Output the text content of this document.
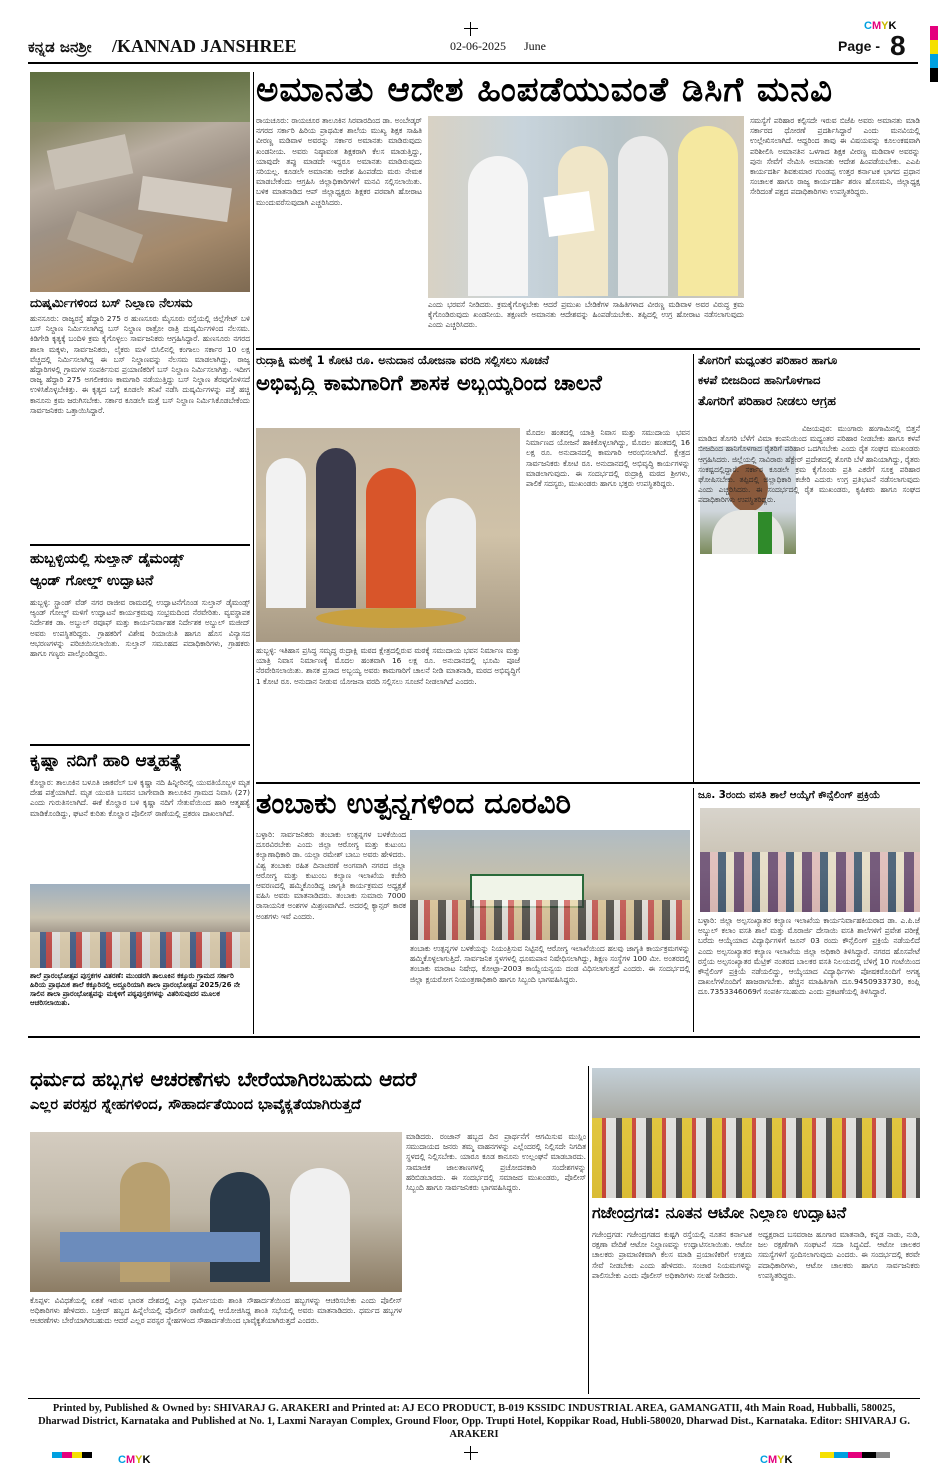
CMYK
ಕನ್ನಡ ಜನಶ್ರೀ /KANNAD JANSHREE	02-06-2025 June	Page - 8
ದುಷ್ಕರ್ಮಿಗಳಿಂದ ಬಸ್ ನಿಲ್ದಾಣ ನೆಲಸಮ
ಹುನಸೂರು: ರಾಜ್ಯರಸ್ತೆ ಹೆದ್ದಾರಿ 275 ರ ಹುಣಸೂರು ಮೈಸೂರು ರಸ್ತೆಯಲ್ಲಿ ಜಿಲ್ಲೆಗೇಟ್ ಬಳಿ ಬಸ್ ನಿಲ್ದಾಣ ನಿರ್ಮಿಸಲಾಗಿದ್ದ ಬಸ್ ನಿಲ್ದಾಣ ರಾತ್ರೋ ರಾತ್ರಿ ದುಷ್ಕರ್ಮಿಗಳಿಂದ ನೆಲಸಮ. ಕಿಡಿಗೇಡಿ ಕೃತ್ಯಕ್ಕೆ ಬಂದಿಳಿ ಕ್ರಮ ಕೈಗೊಳ್ಳಲು ಸಾರ್ವಜನಿಕರು ಆಗ್ರಹಿಸಿದ್ದಾರೆ. ಹುಣಸೂರು ನಗರದ ಶಾಲಾ ಮಕ್ಕಳು, ಸಾರ್ವಜನಿಕರು, ಲೈಕರು ಮಳೆ ಬಿಸಿಲಿನಲ್ಲಿ ಕಂಗಾಲು ಸರ್ಕಾರ 10 ಲಕ್ಷ ವೆಚ್ಚದಲ್ಲಿ ನಿರ್ಮಿಸಲಾಗಿದ್ದ ಈ ಬಸ್ ನಿಲ್ದಾಣವನ್ನು ನೆಲಸಮ ಮಾಡಲಾಗಿದ್ದು, ರಾಜ್ಯ ಹೆದ್ದಾರಿಗಳಲ್ಲಿ ಗ್ರಾಮಗಳ ಸಂಪರ್ಕಿಸುವ ಪ್ರಯಾಣಿಕರಿಗೆ ಬಸ್ ನಿಲ್ದಾಣ ನಿರ್ಮಿಸಲಾಗಿತ್ತು. ಇದೀಗ ರಾಜ್ಯ ಹೆದ್ದಾರಿ 275 ಅಗಲೀಕರಣ ಕಾಮಗಾರಿ ನಡೆಯುತ್ತಿದ್ದು ಬಸ್ ನಿಲ್ದಾಣ ತೆರವುಗೊಳಿಸದೆ ಉಳಿಸಿಕೊಳ್ಳಬೇಕಿತ್ತು. ಈ ಕೃತ್ಯದ ಬಗ್ಗೆ ಕೂಡಲೇ ತನಿಖೆ ನಡೆಸಿ ದುಷ್ಕರ್ಮಿಗಳನ್ನು ಪತ್ತೆ ಹಚ್ಚಿ ಕಾನೂನು ಕ್ರಮ ಜರುಗಿಸಬೇಕು. ಸರ್ಕಾರ ಕೂಡಲೇ ಮತ್ತೆ ಬಸ್ ನಿಲ್ದಾಣ ನಿರ್ಮಿಸಿಕೊಡಬೇಕೆಂದು ಸಾರ್ವಜನಿಕರು ಒತ್ತಾಯಿಸಿದ್ದಾರೆ.
ಹುಬ್ಬಳ್ಳಿಯಲ್ಲಿ ಸುಲ್ತಾನ್ ಡೈಮಂಡ್ಸ್
ಆ್ಯಂಡ್ ಗೋಲ್ಡ್ ಉದ್ಘಾಟನೆ
ಹುಬ್ಬಳ್ಳಿ: ಸ್ಟ್ರಾಂಡ್ ವೆಡ್ ನಗರ ರಾಜೀವ ರಾಮದಲ್ಲಿ ಉದ್ಘಾಟನೆಗೊಂಡ ಸುಲ್ತಾನ್ ಡೈಮಂಡ್ಸ್ ಆ್ಯಂಡ್ ಗೋಲ್ಡ್ ಮಳಿಗೆ ಉದ್ಘಾಟನೆ ಕಾರ್ಯಕ್ರಮವು ಸಂಭ್ರಮದಿಂದ ನೆರವೇರಿತು. ವ್ಯವಸ್ಥಾಪಕ ನಿರ್ದೇಶಕ ಡಾ. ಅಬ್ದುಲ್ ರವೂಫ್ ಮತ್ತು ಕಾರ್ಯನಿರ್ವಾಹಕ ನಿರ್ದೇಶಕ ಅಬ್ದುಲ್ ಮಜೀದ್ ಅವರು ಉಪಸ್ಥಿತರಿದ್ದರು. ಗ್ರಾಹಕರಿಗೆ ವಿಶೇಷ ರಿಯಾಯಿತಿ ಹಾಗೂ ಹೊಸ ವಿನ್ಯಾಸದ ಆಭರಣಗಳನ್ನು ಪರಿಚಯಿಸಲಾಯಿತು. ಸುಲ್ತಾನ್ ಸಮೂಹದ ಪದಾಧಿಕಾರಿಗಳು, ಗ್ರಾಹಕರು ಹಾಗೂ ಗಣ್ಯರು ಪಾಲ್ಗೊಂಡಿದ್ದರು.
ಕೃಷ್ಣಾ ನದಿಗೆ ಹಾರಿ ಆತ್ಮಹತ್ಯೆ
ಕೊಲ್ಹಾರ: ತಾಲೂಕಿನ ಬಳೂತಿ ಜಾಕವೆಲ್ ಬಳಿ ಕೃಷ್ಣಾ ನದಿ ಹಿನ್ನೀರಿನಲ್ಲಿ ಯುವತಿಯೊಬ್ಬಳ ಮೃತ ದೇಹ ಪತ್ತೆಯಾಗಿದೆ. ಮೃತ ಯುವತಿ ಬಸವನ ಬಾಗೇವಾಡಿ ತಾಲೂಕಿನ ಗ್ರಾಮದ ನಿವಾಸಿ (27) ಎಂದು ಗುರುತಿಸಲಾಗಿದೆ. ಈಕೆ ಕೊಲ್ಹಾರ ಬಳಿ ಕೃಷ್ಣಾ ನದಿಗೆ ಸೇತುವೆಯಿಂದ ಹಾರಿ ಆತ್ಮಹತ್ಯೆ ಮಾಡಿಕೊಂಡಿದ್ದು, ಘಟನೆ ಕುರಿತು ಕೊಲ್ಹಾರ ಪೊಲೀಸ್ ಠಾಣೆಯಲ್ಲಿ ಪ್ರಕರಣ ದಾಖಲಾಗಿದೆ.
ಶಾಲೆ ಪ್ರಾರಂಭೋತ್ಸವ ಪುಸ್ತಕಗಳ ವಿತರಣೆ: ಮುಂಡರಗಿ ತಾಲೂಕಿನ ಕಕ್ಕೂರು ಗ್ರಾಮದ ಸರ್ಕಾರಿ ಹಿರಿಯ ಪ್ರಾಥಮಿಕ ಶಾಲೆ ಕಕ್ಕೂರಿನಲ್ಲಿ ಅದ್ದೂರಿಯಾಗಿ ಶಾಲಾ ಪ್ರಾರಂಭೋತ್ಸವ 2025/26 ನೇ ಸಾಲಿನ ಶಾಲಾ ಪ್ರಾರಂಭೋತ್ಸವನ್ನು ಮಕ್ಕಳಿಗೆ ಪಠ್ಯಪುಸ್ತಕಗಳನ್ನು ವಿತರಿಸುವುದರ ಮೂಲಕ ಆಚರಿಸಲಾಯಿತು.
ಅಮಾನತು ಆದೇಶ ಹಿಂಪಡೆಯುವಂತೆ ಡಿಸಿಗೆ ಮನವಿ
ರಾಯಚೂರು: ರಾಯಚೂರ ತಾಲೂಕಿನ ಸಿರವಾರದಿಂದ ಡಾ. ಅಂಬೇಡ್ಕರ್ ನಗರದ ಸರ್ಕಾರಿ ಹಿರಿಯ ಪ್ರಾಥಮಿಕ ಶಾಲೆಯ ಮುಖ್ಯ ಶಿಕ್ಷಕ ಸಾಹಿತಿ ವೀರಣ್ಣ ಮಡಿವಾಳ ಅವರನ್ನು ಸರ್ಕಾರ ಅಮಾನತು ಮಾಡಿರುವುದು ಖಂಡನೀಯ. ಅವರು ನಿಷ್ಠಾವಂತ ಶಿಕ್ಷಕರಾಗಿ ಕೆಲಸ ಮಾಡುತ್ತಿದ್ದು, ಯಾವುದೇ ತಪ್ಪು ಮಾಡದೇ ಇದ್ದರೂ ಅಮಾನತು ಮಾಡಿರುವುದು ಸರಿಯಲ್ಲ. ಕೂಡಲೇ ಅಮಾನತು ಆದೇಶ ಹಿಂಪಡೆದು ಮರು ನೇಮಕ ಮಾಡಬೇಕೆಂದು ಆಗ್ರಹಿಸಿ ಜಿಲ್ಲಾಧಿಕಾರಿಗಳಿಗೆ ಮನವಿ ಸಲ್ಲಿಸಲಾಯಿತು. ಬಳಿಕ ಮಾತನಾಡಿದ ಆಪ್ ಜಿಲ್ಲಾಧ್ಯಕ್ಷರು ಶಿಕ್ಷಕರ ಪರವಾಗಿ ಹೋರಾಟ ಮುಂದುವರೆಸುವುದಾಗಿ ಎಚ್ಚರಿಸಿದರು.
ಎಂದು ಭರವಸೆ ನೀಡಿದರು. ಕ್ರಮಕೈಗೊಳ್ಳಬೇಕು ಆದರೆ ಪ್ರಮುಖ ಬೇಡಿಕೆಗಳ ಸಾಹಿತಿಗಳಾದ ವೀರಣ್ಣ ಮಡಿವಾಳ ಅವರ ವಿರುದ್ಧ ಕ್ರಮ ಕೈಗೊಂಡಿರುವುದು ಖಂಡನೀಯ. ತಕ್ಷಣವೇ ಅಮಾನತು ಆದೇಶವನ್ನು ಹಿಂಪಡೆಯಬೇಕು. ತಪ್ಪಿದಲ್ಲಿ ಉಗ್ರ ಹೋರಾಟ ನಡೆಸಲಾಗುವುದು ಎಂದು ಎಚ್ಚರಿಸಿದರು.
ಸಮಸ್ಯೆಗೆ ಪರಿಹಾರ ಕಲ್ಪಿಸದೇ ಇರುವ ಬಿಜೆಪಿ ಅವರು ಅಮಾನತು ಮಾಡಿ ಸರ್ಕಾರದ ಧೋರಣೆ ಪ್ರದರ್ಶಿಸಿದ್ದಾರೆ ಎಂದು ಮನವಿಯಲ್ಲಿ ಉಲ್ಲೇಖಿಸಲಾಗಿದೆ. ಆದ್ದರಿಂದ ತಾವು ಈ ವಿಷಯವನ್ನು ಕೂಲಂಕಷವಾಗಿ ಪರಿಶೀಲಿಸಿ ಅಮಾನತಿನ ಒಳಗಾದ ಶಿಕ್ಷಕ ವೀರಣ್ಣ ಮಡಿವಾಳ ಅವರನ್ನು ಪುನಃ ಸೇವೆಗೆ ನೇಮಿಸಿ ಅಮಾನತು ಆದೇಶ ಹಿಂಪಡೆಯಬೇಕು. ಎಎಪಿ ಕಾರ್ಯದರ್ಶಿ ಶಿವಕುಮಾರ ಗುಂಡಪ್ಪ ಉತ್ತರ ಕರ್ನಾಟಕ ಭಾಗದ ಪ್ರಧಾನ ಸಂಚಾಲಕ ಹಾಗೂ ರಾಜ್ಯ ಕಾರ್ಯದರ್ಶಿ ಶರಣ ಹೊಸಮನಿ, ಜಿಲ್ಲಾಧ್ಯಕ್ಷ ಸೇರಿದಂತೆ ಪಕ್ಷದ ಪದಾಧಿಕಾರಿಗಳು ಉಪಸ್ಥಿತರಿದ್ದರು.
ರುದ್ರಾಕ್ಷಿ ಮಠಕ್ಕೆ 1 ಕೋಟಿ ರೂ. ಅನುದಾನ ಯೋಜನಾ ವರದಿ ಸಲ್ಲಿಸಲು ಸೂಚನೆ
ಅಭಿವೃದ್ಧಿ ಕಾಮಗಾರಿಗೆ ಶಾಸಕ ಅಬ್ಬಯ್ಯರಿಂದ ಚಾಲನೆ
ಹುಬ್ಬಳ್ಳಿ: ಇತಿಹಾಸ ಪ್ರಸಿದ್ಧ ಸಮೃದ್ಧ ರುದ್ರಾಕ್ಷಿ ಮಠದ ಕ್ಷೇತ್ರದಲ್ಲಿರುವ ಮಠಕ್ಕೆ ಸಮುದಾಯ ಭವನ ನಿರ್ಮಾಣ ಮತ್ತು ಯಾತ್ರಿ ನಿವಾಸ ನಿರ್ಮಾಣಕ್ಕೆ ಮೊದಲ ಹಂತವಾಗಿ 16 ಲಕ್ಷ ರೂ. ಅನುದಾನದಲ್ಲಿ ಭೂಮಿ ಪೂಜೆ ನೆರವೇರಿಸಲಾಯಿತು. ಶಾಸಕ ಪ್ರಸಾದ ಅಬ್ಬಯ್ಯ ಅವರು ಕಾಮಗಾರಿಗೆ ಚಾಲನೆ ನೀಡಿ ಮಾತನಾಡಿ, ಮಠದ ಅಭಿವೃದ್ಧಿಗೆ 1 ಕೋಟಿ ರೂ. ಅನುದಾನ ನೀಡುವ ಯೋಜನಾ ವರದಿ ಸಲ್ಲಿಸಲು ಸೂಚನೆ ನೀಡಲಾಗಿದೆ ಎಂದರು.
ಮೊದಲ ಹಂತದಲ್ಲಿ ಯಾತ್ರಿ ನಿವಾಸ ಮತ್ತು ಸಮುದಾಯ ಭವನ ನಿರ್ಮಾಣದ ಯೋಜನೆ ಹಾಕಿಕೊಳ್ಳಲಾಗಿದ್ದು, ಮೊದಲ ಹಂತದಲ್ಲಿ 16 ಲಕ್ಷ ರೂ. ಅನುದಾನದಲ್ಲಿ ಕಾಮಗಾರಿ ಆರಂಭಿಸಲಾಗಿದೆ. ಕ್ಷೇತ್ರದ ಸಾರ್ವಜನಿಕರು ಕೋಟಿ ರೂ. ಅನುದಾನದಲ್ಲಿ ಅಭಿವೃದ್ಧಿ ಕಾರ್ಯಗಳನ್ನು ಮಾಡಲಾಗುವುದು. ಈ ಸಂದರ್ಭದಲ್ಲಿ ರುದ್ರಾಕ್ಷಿ ಮಠದ ಶ್ರೀಗಳು, ಪಾಲಿಕೆ ಸದಸ್ಯರು, ಮುಖಂಡರು ಹಾಗೂ ಭಕ್ತರು ಉಪಸ್ಥಿತರಿದ್ದರು.
ತೊಗರಿಗೆ ಮಧ್ಯಂತರ ಪರಿಹಾರ ಹಾಗೂ
ಕಳಪೆ ಬೀಜದಿಂದ ಹಾನಿಗೊಳಗಾದ
ತೊಗರಿಗೆ ಪರಿಹಾರ ನೀಡಲು ಆಗ್ರಹ
ವಿಜಯಪುರ: ಮುಂಗಾರು ಹಂಗಾಮಿನಲ್ಲಿ ಬಿತ್ತನೆ ಮಾಡಿದ ತೊಗರಿ ಬೆಳೆಗೆ ವಿಮಾ ಕಂಪನಿಯಿಂದ ಮಧ್ಯಂತರ ಪರಿಹಾರ ನೀಡಬೇಕು ಹಾಗೂ ಕಳಪೆ ಬೀಜದಿಂದ ಹಾನಿಗೊಳಗಾದ ರೈತರಿಗೆ ಪರಿಹಾರ ಒದಗಿಸಬೇಕು ಎಂದು ರೈತ ಸಂಘದ ಮುಖಂಡರು ಆಗ್ರಹಿಸಿದರು. ಜಿಲ್ಲೆಯಲ್ಲಿ ಸಾವಿರಾರು ಹೆಕ್ಟೇರ್ ಪ್ರದೇಶದಲ್ಲಿ ತೊಗರಿ ಬೆಳೆ ಹಾನಿಯಾಗಿದ್ದು, ರೈತರು ಸಂಕಷ್ಟದಲ್ಲಿದ್ದಾರೆ. ಸರ್ಕಾರ ಕೂಡಲೇ ಕ್ರಮ ಕೈಗೊಂಡು ಪ್ರತಿ ಎಕರೆಗೆ ಸೂಕ್ತ ಪರಿಹಾರ ಘೋಷಿಸಬೇಕು. ತಪ್ಪಿದಲ್ಲಿ ಜಿಲ್ಲಾಧಿಕಾರಿ ಕಚೇರಿ ಎದುರು ಉಗ್ರ ಪ್ರತಿಭಟನೆ ನಡೆಸಲಾಗುವುದು ಎಂದು ಎಚ್ಚರಿಸಿದರು. ಈ ಸಂದರ್ಭದಲ್ಲಿ ರೈತ ಮುಖಂಡರು, ಕೃಷಿಕರು ಹಾಗೂ ಸಂಘದ ಪದಾಧಿಕಾರಿಗಳು ಉಪಸ್ಥಿತರಿದ್ದರು.
ತಂಬಾಕು ಉತ್ಪನ್ನಗಳಿಂದ ದೂರವಿರಿ
ಬಳ್ಳಾರಿ: ಸಾರ್ವಜನಿಕರು ತಂಬಾಕು ಉತ್ಪನ್ನಗಳ ಬಳಕೆಯಿಂದ ದೂರವಿರಬೇಕು ಎಂದು ಜಿಲ್ಲಾ ಆರೋಗ್ಯ ಮತ್ತು ಕುಟುಂಬ ಕಲ್ಯಾಣಾಧಿಕಾರಿ ಡಾ. ಯಲ್ಲಾ ರಮೇಶ್ ಬಾಬು ಅವರು ಹೇಳಿದರು. ವಿಶ್ವ ತಂಬಾಕು ರಹಿತ ದಿನಾಚರಣೆ ಅಂಗವಾಗಿ ನಗರದ ಜಿಲ್ಲಾ ಆರೋಗ್ಯ ಮತ್ತು ಕುಟುಂಬ ಕಲ್ಯಾಣ ಇಲಾಖೆಯ ಕಚೇರಿ ಆವರಣದಲ್ಲಿ ಹಮ್ಮಿಕೊಂಡಿದ್ದ ಜಾಗೃತಿ ಕಾರ್ಯಕ್ರಮದ ಅಧ್ಯಕ್ಷತೆ ವಹಿಸಿ ಅವರು ಮಾತನಾಡಿದರು. ತಂಬಾಕು ಸುಮಾರು 7000 ರಾಸಾಯನಿಕ ಅಂಶಗಳ ಮಿಶ್ರಣವಾಗಿದೆ. ಅದರಲ್ಲಿ ಕ್ಯಾನ್ಸರ್ ಕಾರಕ ಅಂಶಗಳು ಇವೆ ಎಂದರು.
ತಂಬಾಕು ಉತ್ಪನ್ನಗಳ ಬಳಕೆಯನ್ನು ನಿಯಂತ್ರಿಸುವ ನಿಟ್ಟಿನಲ್ಲಿ ಆರೋಗ್ಯ ಇಲಾಖೆಯಿಂದ ಹಲವು ಜಾಗೃತಿ ಕಾರ್ಯಕ್ರಮಗಳನ್ನು ಹಮ್ಮಿಕೊಳ್ಳಲಾಗುತ್ತಿದೆ. ಸಾರ್ವಜನಿಕ ಸ್ಥಳಗಳಲ್ಲಿ ಧೂಮಪಾನ ನಿಷೇಧಿಸಲಾಗಿದ್ದು, ಶಿಕ್ಷಣ ಸಂಸ್ಥೆಗಳ 100 ಮೀ. ಅಂತರದಲ್ಲಿ ತಂಬಾಕು ಮಾರಾಟ ನಿಷೇಧ, ಕೋಟ್ಪಾ-2003 ಕಾಯ್ದೆಯನ್ವಯ ದಂಡ ವಿಧಿಸಲಾಗುತ್ತದೆ ಎಂದರು. ಈ ಸಂದರ್ಭದಲ್ಲಿ ಜಿಲ್ಲಾ ಕ್ಷಯರೋಗ ನಿಯಂತ್ರಣಾಧಿಕಾರಿ ಹಾಗೂ ಸಿಬ್ಬಂದಿ ಭಾಗವಹಿಸಿದ್ದರು.
ಜೂ. 3ರಂದು ವಸತಿ ಶಾಲೆ ಆಯ್ಕೆಗೆ ಕೌನ್ಸೆಲಿಂಗ್ ಪ್ರಕ್ರಿಯೆ
ಬಳ್ಳಾರಿ: ಜಿಲ್ಲಾ ಅಲ್ಪಸಂಖ್ಯಾತರ ಕಲ್ಯಾಣ ಇಲಾಖೆಯ ಕಾರ್ಯನಿರ್ವಾಹಕಿಯರಾದ ಡಾ. ಎ.ಪಿ.ಜೆ ಅಬ್ದುಲ್ ಕಲಾಂ ವಸತಿ ಶಾಲೆ ಮತ್ತು ಮೊರಾರ್ಜಿ ದೇಸಾಯಿ ವಸತಿ ಶಾಲೆಗಳಿಗೆ ಪ್ರವೇಶ ಪರೀಕ್ಷೆ ಬರೆದು ಆಯ್ಕೆಯಾದ ವಿದ್ಯಾರ್ಥಿಗಳಿಗೆ ಜೂನ್ 03 ರಂದು ಕೌನ್ಸೆಲಿಂಗ್ ಪ್ರಕ್ರಿಯೆ ನಡೆಯಲಿದೆ ಎಂದು ಅಲ್ಪಸಂಖ್ಯಾತರ ಕಲ್ಯಾಣ ಇಲಾಖೆಯ ಜಿಲ್ಲಾ ಅಧಿಕಾರಿ ತಿಳಿಸಿದ್ದಾರೆ. ನಗರದ ಹೊಸಪೇಟೆ ರಸ್ತೆಯ ಅಲ್ಪಸಂಖ್ಯಾತರ ಮೆಟ್ರಿಕ್ ನಂತರದ ಬಾಲಕರ ವಸತಿ ನಿಲಯದಲ್ಲಿ ಬೆಳಿಗ್ಗೆ 10 ಗಂಟೆಯಿಂದ ಕೌನ್ಸೆಲಿಂಗ್ ಪ್ರಕ್ರಿಯೆ ನಡೆಯಲಿದ್ದು, ಆಯ್ಕೆಯಾದ ವಿದ್ಯಾರ್ಥಿಗಳು ಪೋಷಕರೊಂದಿಗೆ ಅಗತ್ಯ ದಾಖಲೆಗಳೊಂದಿಗೆ ಹಾಜರಾಗಬೇಕು. ಹೆಚ್ಚಿನ ಮಾಹಿತಿಗಾಗಿ ದೂ.9450933730, ಕಂಪ್ಲಿ ದೂ.7353346069ಗೆ ಸಂಪರ್ಕಿಸಬಹುದು ಎಂದು ಪ್ರಕಟಣೆಯಲ್ಲಿ ತಿಳಿಸಿದ್ದಾರೆ.
ಧರ್ಮದ ಹಬ್ಬಗಳ ಆಚರಣೆಗಳು ಬೇರೆಯಾಗಿರಬಹುದು ಆದರೆ
ಎಲ್ಲರ ಪರಸ್ಪರ ಸ್ನೇಹಗಳಿಂದ, ಸೌಹಾರ್ದತೆಯಿಂದ ಭಾವೈಕ್ಯತೆಯಾಗಿರುತ್ತದೆ
ಕೊಪ್ಪಳ: ವಿವಿಧತೆಯಲ್ಲಿ ಏಕತೆ ಇರುವ ಭಾರತ ದೇಶದಲ್ಲಿ ಎಲ್ಲಾ ಧರ್ಮೀಯರು ಶಾಂತಿ ಸೌಹಾರ್ದತೆಯಿಂದ ಹಬ್ಬಗಳನ್ನು ಆಚರಿಸಬೇಕು ಎಂದು ಪೊಲೀಸ್ ಅಧಿಕಾರಿಗಳು ಹೇಳಿದರು. ಬಕ್ರೀದ್ ಹಬ್ಬದ ಹಿನ್ನೆಲೆಯಲ್ಲಿ ಪೊಲೀಸ್ ಠಾಣೆಯಲ್ಲಿ ಆಯೋಜಿಸಿದ್ದ ಶಾಂತಿ ಸಭೆಯಲ್ಲಿ ಅವರು ಮಾತನಾಡಿದರು. ಧರ್ಮದ ಹಬ್ಬಗಳ ಆಚರಣೆಗಳು ಬೇರೆಯಾಗಿರಬಹುದು ಆದರೆ ಎಲ್ಲರ ಪರಸ್ಪರ ಸ್ನೇಹಗಳಿಂದ ಸೌಹಾರ್ದತೆಯಿಂದ ಭಾವೈಕ್ಯತೆಯಾಗಿರುತ್ತದೆ ಎಂದರು.
ಮಾಡಿದರು. ರಂಜಾನ್ ಹಬ್ಬದ ದಿನ ಪ್ರಾರ್ಥನೆಗೆ ಆಗಮಿಸುವ ಮುಸ್ಲಿಂ ಸಮುದಾಯದ ಜನರು ತಮ್ಮ ವಾಹನಗಳನ್ನು ಎಲ್ಲೆಂದರಲ್ಲಿ ನಿಲ್ಲಿಸದೇ ನಿಗದಿತ ಸ್ಥಳದಲ್ಲಿ ನಿಲ್ಲಿಸಬೇಕು. ಯಾರೂ ಕೂಡ ಕಾನೂನು ಉಲ್ಲಂಘನೆ ಮಾಡಬಾರದು. ಸಾಮಾಜಿಕ ಜಾಲತಾಣಗಳಲ್ಲಿ ಪ್ರಚೋದನಕಾರಿ ಸಂದೇಶಗಳನ್ನು ಹರಿಬಿಡಬಾರದು. ಈ ಸಂದರ್ಭದಲ್ಲಿ ಸಮಾಜದ ಮುಖಂಡರು, ಪೊಲೀಸ್ ಸಿಬ್ಬಂದಿ ಹಾಗೂ ಸಾರ್ವಜನಿಕರು ಭಾಗವಹಿಸಿದ್ದರು.
ಗಜೇಂದ್ರಗಡ: ನೂತನ ಆಟೋ ನಿಲ್ದಾಣ ಉದ್ಘಾಟನೆ
ಗಜೇಂದ್ರಗಡ: ಗಜೇಂದ್ರಗಡದ ಕುಷ್ಟಗಿ ರಸ್ತೆಯಲ್ಲಿ ನೂತನ ಕರ್ನಾಟಕ ರಕ್ಷಣಾ ವೇದಿಕೆ ಆಟೋ ನಿಲ್ದಾಣವನ್ನು ಉದ್ಘಾಟಿಸಲಾಯಿತು. ಆಟೋ ಚಾಲಕರು ಪ್ರಾಮಾಣಿಕವಾಗಿ ಕೆಲಸ ಮಾಡಿ ಪ್ರಯಾಣಿಕರಿಗೆ ಉತ್ತಮ ಸೇವೆ ನೀಡಬೇಕು ಎಂದು ಹೇಳಿದರು. ಸಂಚಾರ ನಿಯಮಗಳನ್ನು ಪಾಲಿಸಬೇಕು ಎಂದು ಪೊಲೀಸ್ ಅಧಿಕಾರಿಗಳು ಸಲಹೆ ನೀಡಿದರು.
ಅಧ್ಯಕ್ಷರಾದ ಬಸವರಾಜ ಹೂಗಾರ ಮಾತನಾಡಿ, ಕನ್ನಡ ನಾಡು, ನುಡಿ, ಜಲ ರಕ್ಷಣೆಗಾಗಿ ಸಂಘಟನೆ ಸದಾ ಸಿದ್ಧವಿದೆ. ಆಟೋ ಚಾಲಕರ ಸಮಸ್ಯೆಗಳಿಗೆ ಸ್ಪಂದಿಸಲಾಗುವುದು ಎಂದರು. ಈ ಸಂದರ್ಭದಲ್ಲಿ ಕರವೇ ಪದಾಧಿಕಾರಿಗಳು, ಆಟೋ ಚಾಲಕರು ಹಾಗೂ ಸಾರ್ವಜನಿಕರು ಉಪಸ್ಥಿತರಿದ್ದರು.
Printed by, Published & Owned by: SHIVARAJ G. ARAKERI and Printed at: AJ ECO PRODUCT, B-019 KSSIDC INDUSTRIAL AREA, GAMANGATII, 4th Main Road, Hubballi, 580025, Dharwad District, Karnataka and Published at No. 1, Laxmi Narayan Complex, Ground Floor, Opp. Trupti Hotel, Koppikar Road, Hubli-580020, Dharwad Dist., Karnataka. Editor: SHIVARAJ G. ARAKERI
CMYK	CMYK
